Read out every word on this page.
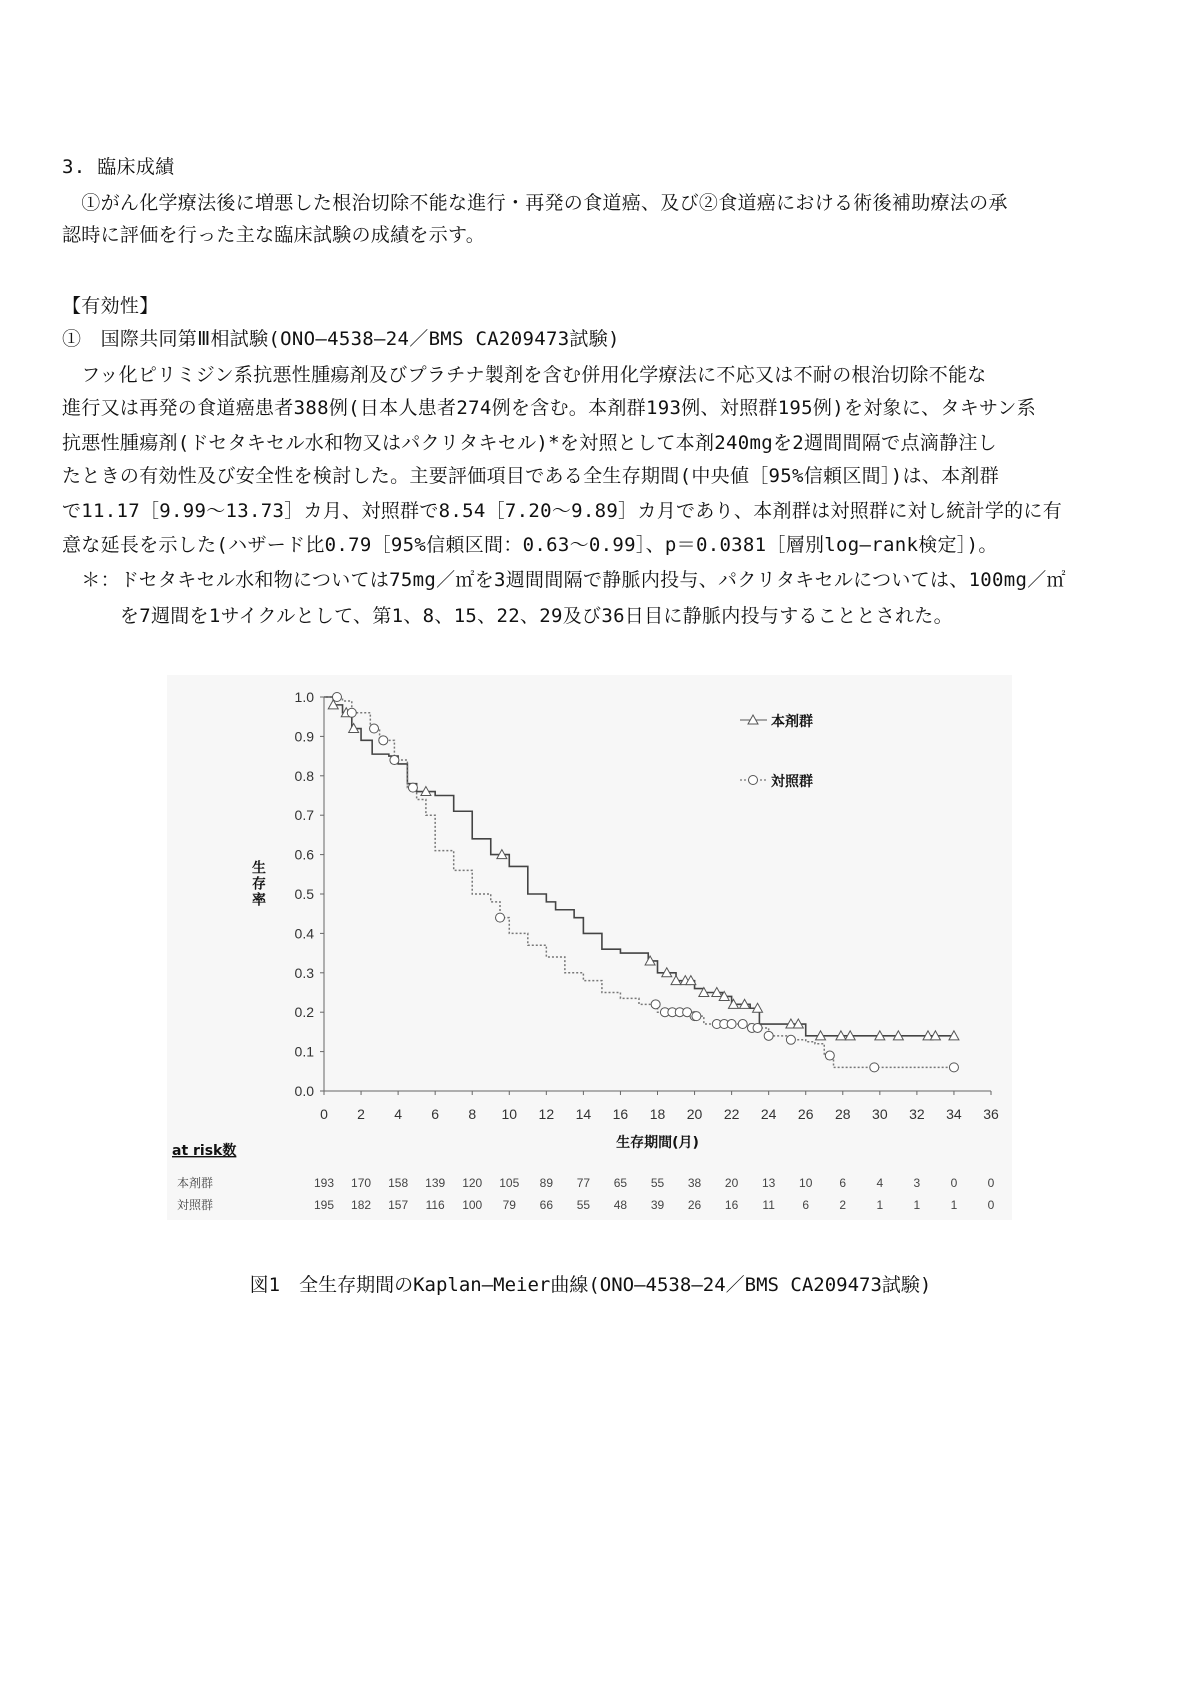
3. 臨床成績
　①がん化学療法後に増悪した根治切除不能な進行・再発の食道癌、及び②食道癌における術後補助療法の承
認時に評価を行った主な臨床試験の成績を示す。
【有効性】
①　国際共同第Ⅲ相試験(ONO—4538—24／BMS CA209473試験)
　フッ化ピリミジン系抗悪性腫瘍剤及びプラチナ製剤を含む併用化学療法に不応又は不耐の根治切除不能な
進行又は再発の食道癌患者388例(日本人患者274例を含む。本剤群193例、対照群195例)を対象に、タキサン系
抗悪性腫瘍剤(ドセタキセル水和物又はパクリタキセル)*を対照として本剤240mgを2週間間隔で点滴静注し
たときの有効性及び安全性を検討した。主要評価項目である全生存期間(中央値［95%信頼区間］)は、本剤群
で11.17［9.99～13.73］カ月、対照群で8.54［7.20～9.89］カ月であり、本剤群は対照群に対し統計学的に有
意な延長を示した(ハザード比0.79［95%信頼区間：0.63～0.99］、p＝0.0381［層別log—rank検定］)。
　＊：ドセタキセル水和物については75mg／㎡を3週間間隔で静脈内投与、パクリタキセルについては、100mg／㎡
　　　を7週間を1サイクルとして、第1、8、15、22、29及び36日目に静脈内投与することとされた。
0.0
0.1
0.2
0.3
0.4
0.5
0.6
0.7
0.8
0.9
1.0
0 2 4 6 8 10 12 14 16 18 20 22 24 26 28 30 32 34 36
生存期間(月)
本剤群
対照群
at risk数
本剤群	193 170 158 139 120 105 89 77 65 55 38 20 13 10 6	4	3	0	0
対照群	195 182 157 116 100 79 66 55 48 39 26 16 11 6	2	1	1	1	0
生存率
図1　全生存期間のKaplan—Meier曲線(ONO—4538—24／BMS CA209473試験)
